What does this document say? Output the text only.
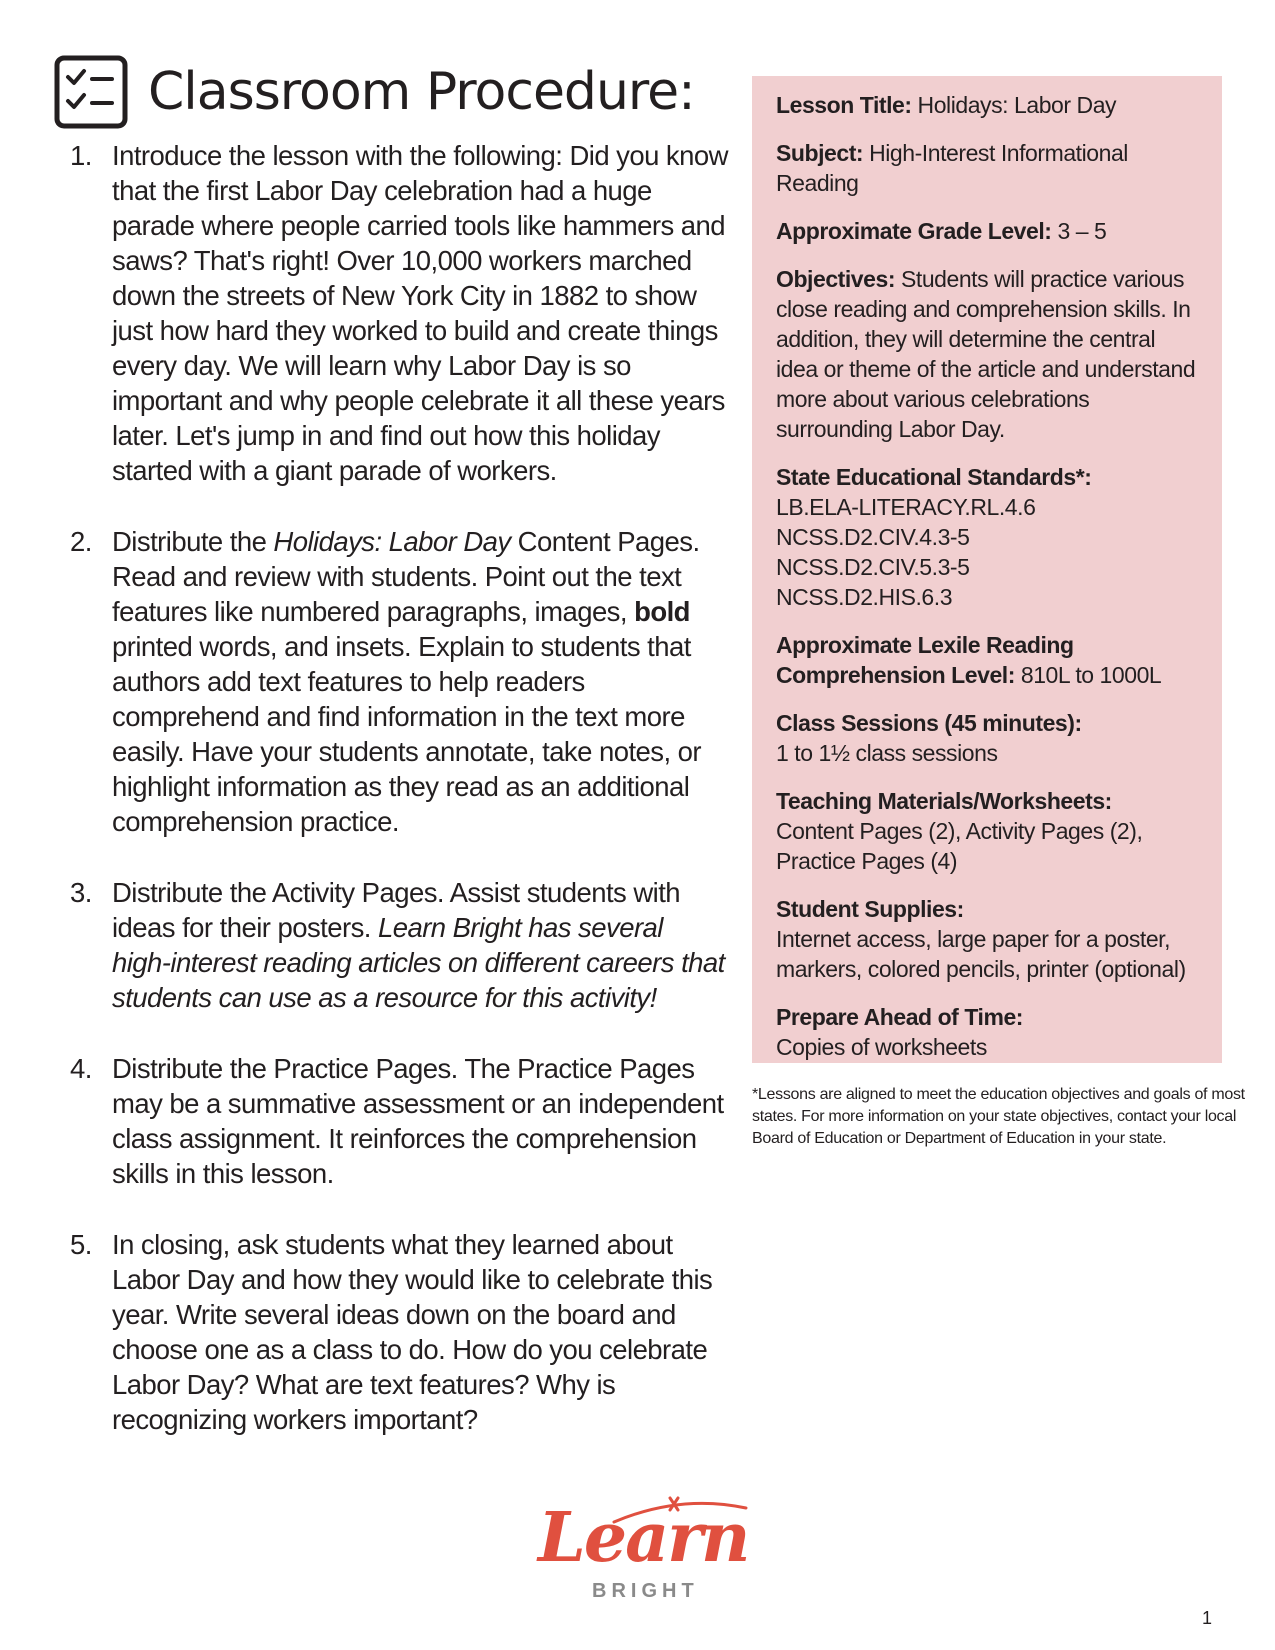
Classroom Procedure:
1. Introduce the lesson with the following: Did you know that the first Labor Day celebration had a huge parade where people carried tools like hammers and saws? That's right! Over 10,000 workers marched down the streets of New York City in 1882 to show just how hard they worked to build and create things every day. We will learn why Labor Day is so important and why people celebrate it all these years later. Let's jump in and find out how this holiday started with a giant parade of workers.
2. Distribute the Holidays: Labor Day Content Pages. Read and review with students. Point out the text features like numbered paragraphs, images, bold printed words, and insets. Explain to students that authors add text features to help readers comprehend and find information in the text more easily. Have your students annotate, take notes, or highlight information as they read as an additional comprehension practice.
3. Distribute the Activity Pages. Assist students with ideas for their posters. Learn Bright has several high-interest reading articles on different careers that students can use as a resource for this activity!
4. Distribute the Practice Pages. The Practice Pages may be a summative assessment or an independent class assignment. It reinforces the comprehension skills in this lesson.
5. In closing, ask students what they learned about Labor Day and how they would like to celebrate this year. Write several ideas down on the board and choose one as a class to do. How do you celebrate Labor Day? What are text features? Why is recognizing workers important?
Lesson Title: Holidays: Labor Day
Subject: High-Interest Informational Reading
Approximate Grade Level: 3 – 5
Objectives: Students will practice various close reading and comprehension skills. In addition, they will determine the central idea or theme of the article and understand more about various celebrations surrounding Labor Day.
State Educational Standards*:
LB.ELA-LITERACY.RL.4.6
NCSS.D2.CIV.4.3-5
NCSS.D2.CIV.5.3-5
NCSS.D2.HIS.6.3
Approximate Lexile Reading Comprehension Level: 810L to 1000L
Class Sessions (45 minutes):
1 to 1½ class sessions
Teaching Materials/Worksheets:
Content Pages (2), Activity Pages (2), Practice Pages (4)
Student Supplies:
Internet access, large paper for a poster, markers, colored pencils, printer (optional)
Prepare Ahead of Time:
Copies of worksheets

*Lessons are aligned to meet the education objectives and goals of most states. For more information on your state objectives, contact your local Board of Education or Department of Education in your state.

Learn

BRIGHT

1
